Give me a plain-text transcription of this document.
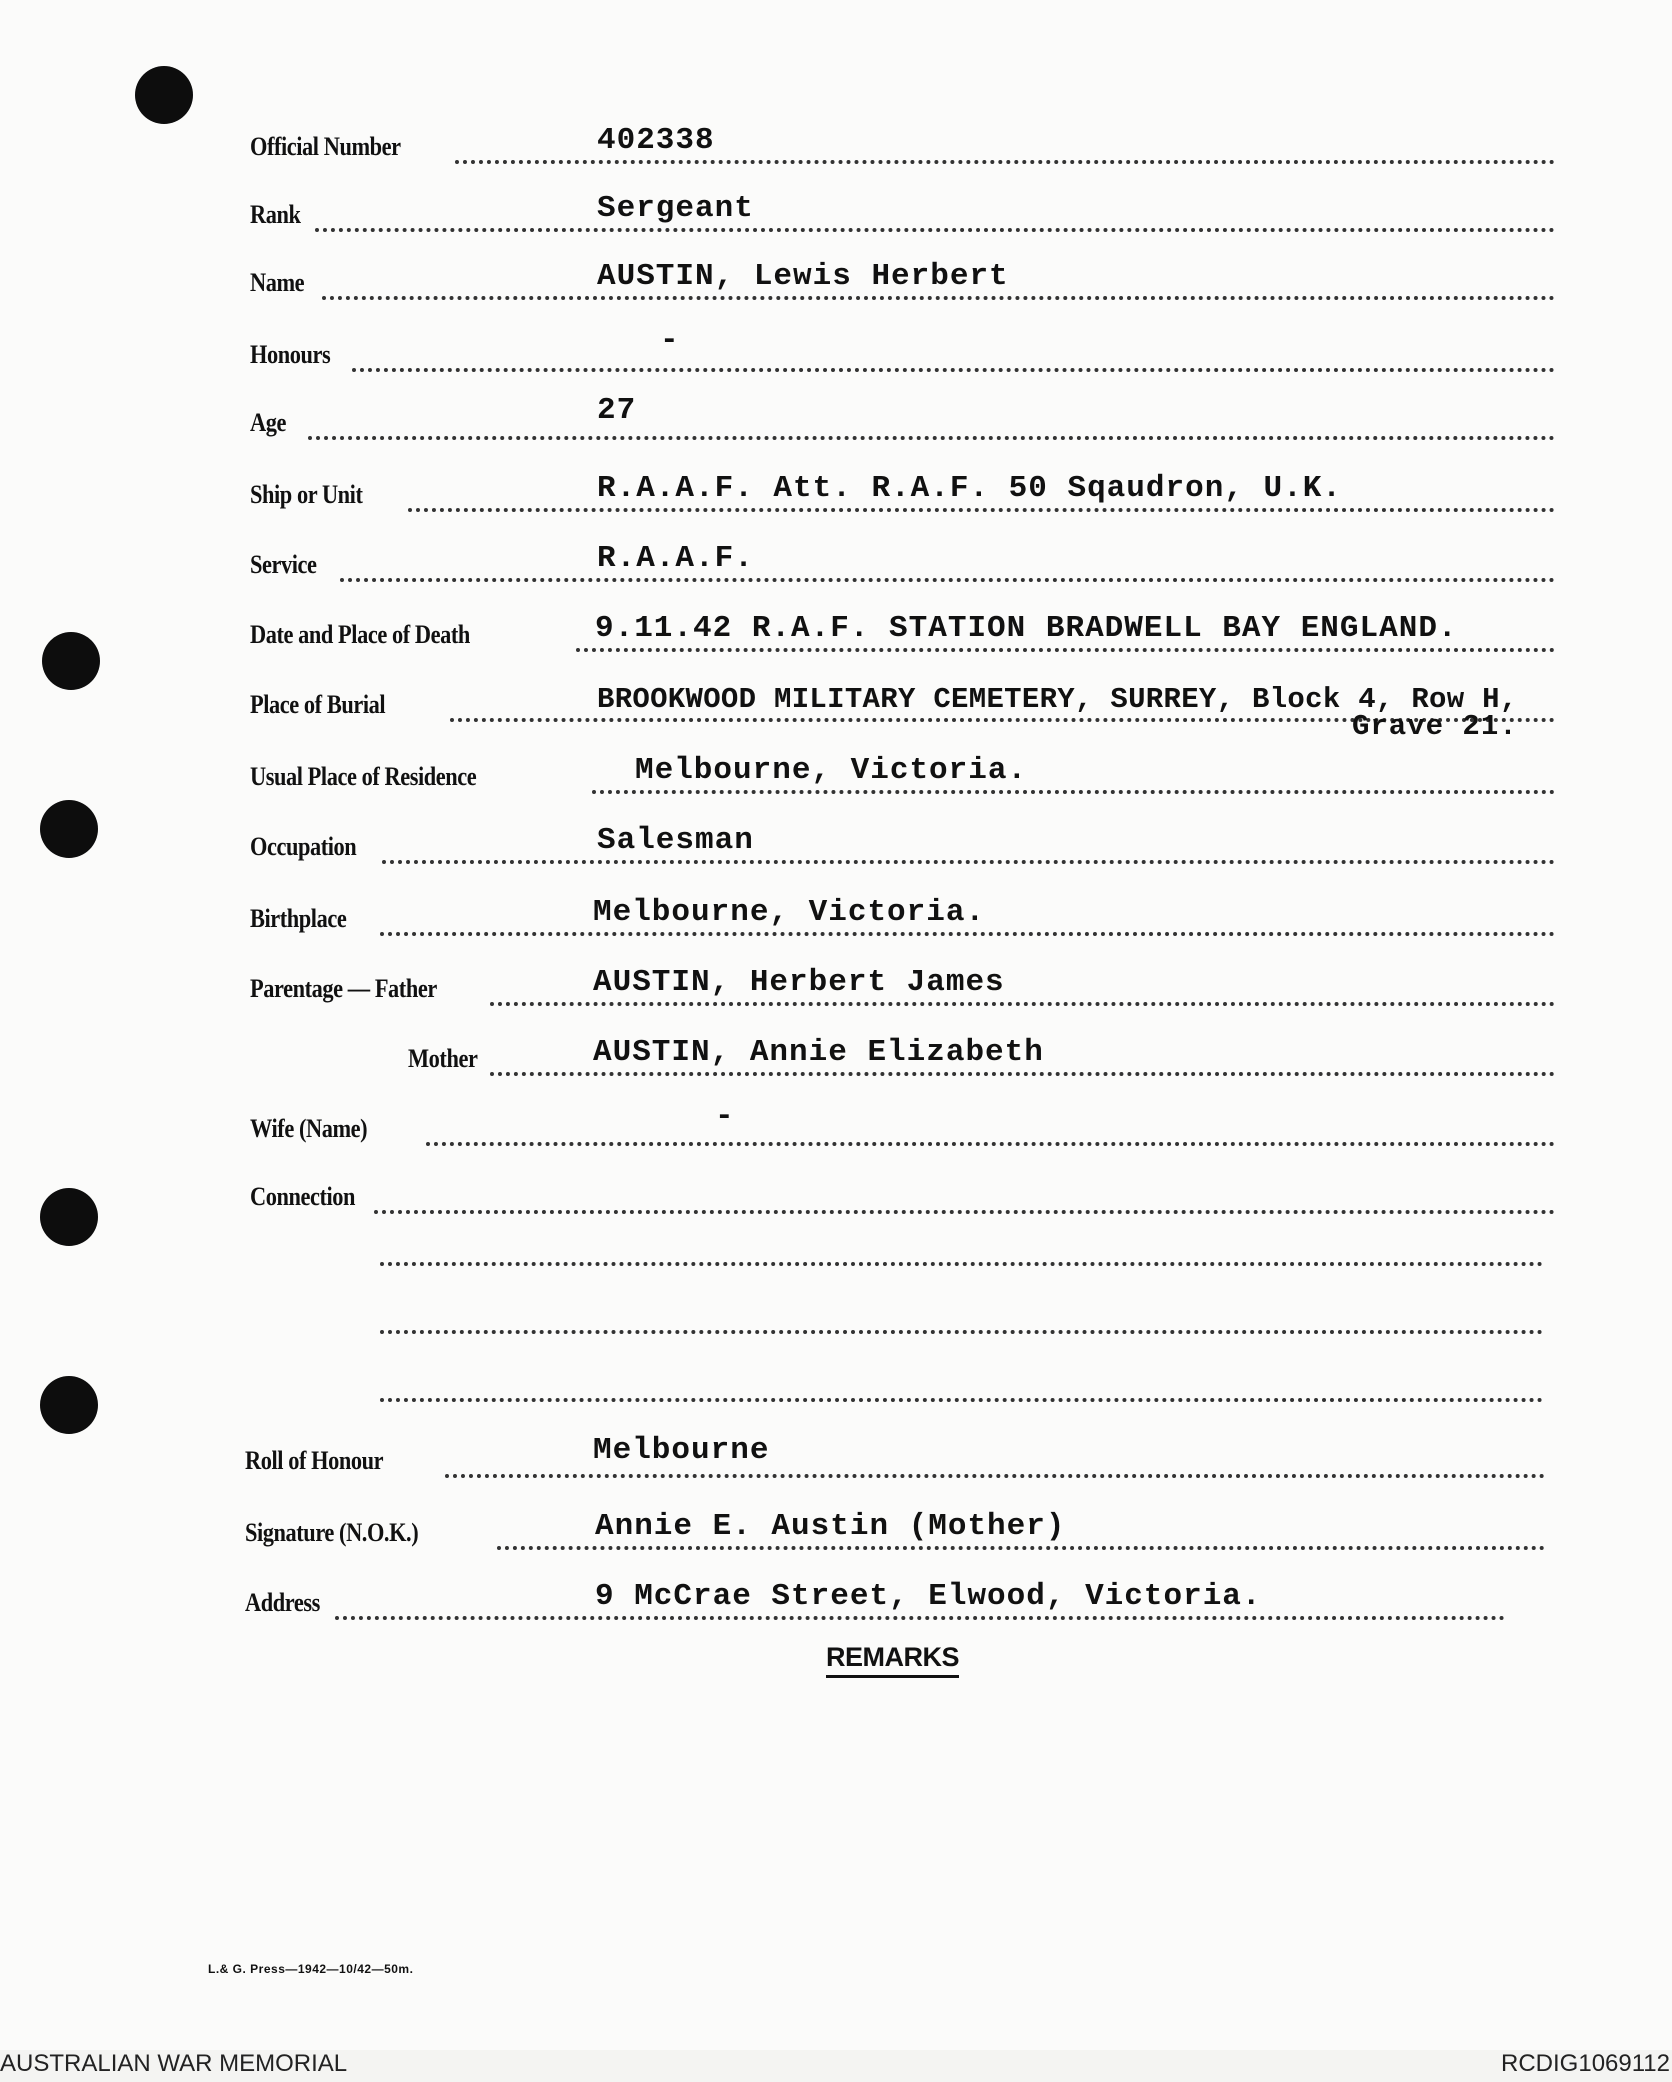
Official Number	402338
Rank	Sergeant
Name	AUSTIN, Lewis Herbert
Honours	-
Age	27
Ship or Unit	R.A.A.F. Att. R.A.F. 50 Sqaudron, U.K.
Service	R.A.A.F.
Date and Place of Death	9.11.42 R.A.F. STATION BRADWELL BAY ENGLAND.
Place of Burial	BROOKWOOD MILITARY CEMETERY, SURREY, Block 4, Row H,
Grave 21.
Usual Place of Residence	Melbourne, Victoria.
Occupation	Salesman
Birthplace	Melbourne, Victoria.
Parentage — Father	AUSTIN, Herbert James
Mother	AUSTIN, Annie Elizabeth
Wife (Name)	-
Connection
Roll of Honour	Melbourne
Signature (N.O.K.)	Annie E. Austin (Mother)
Address	9 McCrae Street, Elwood, Victoria.
REMARKS
L.& G. Press—1942—10/42—50m.
AUSTRALIAN WAR MEMORIAL	RCDIG1069112
